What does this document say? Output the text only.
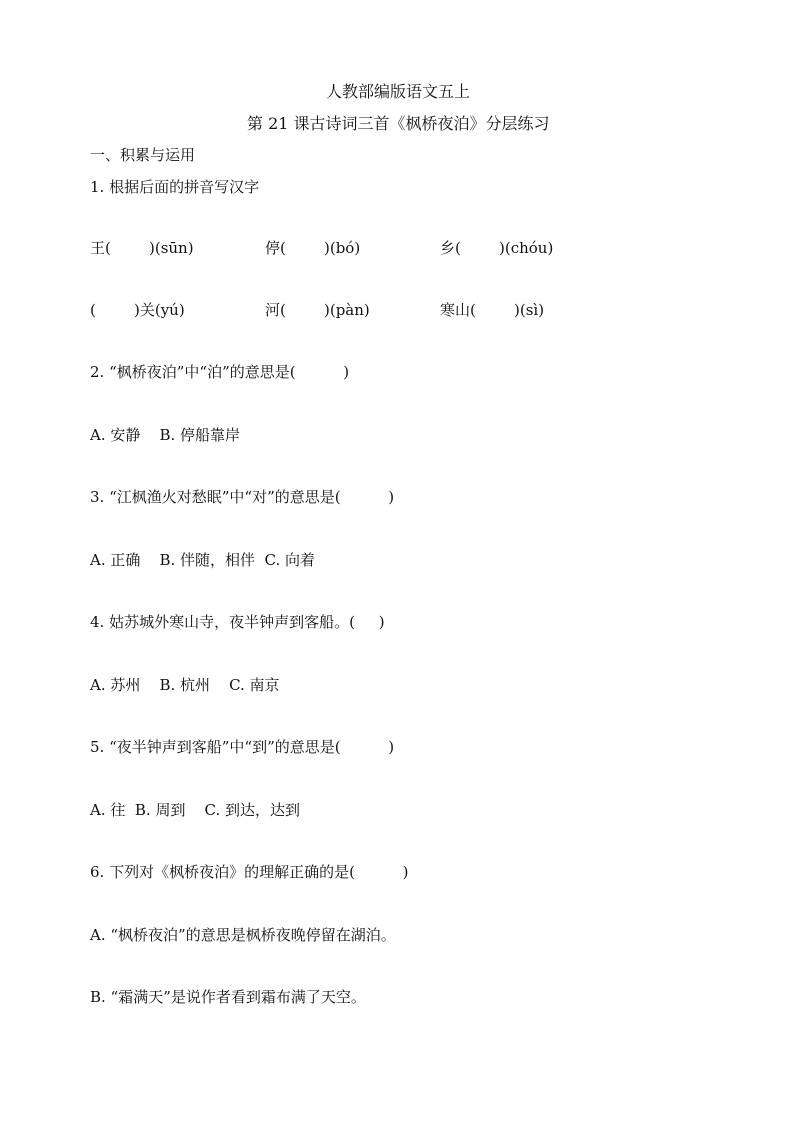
人教部编版语文五上
第 21 课古诗词三首《枫桥夜泊》分层练习
一、积累与运用
1. 根据后面的拼音写汉字
王(        )(sūn)	停(        )(bó)	乡(        )(chóu)
(        )关(yú)	河(        )(pàn)	寒山(        )(sì)
2. “枫桥夜泊”中“泊”的意思是(          )
A. 安静    B. 停船靠岸
3. “江枫渔火对愁眠”中“对”的意思是(          )
A. 正确    B. 伴随，相伴  C. 向着
4. 姑苏城外寒山寺，夜半钟声到客船。(     )
A. 苏州    B. 杭州    C. 南京
5. “夜半钟声到客船”中“到”的意思是(          )
A. 往  B. 周到    C. 到达，达到
6. 下列对《枫桥夜泊》的理解正确的是(          )
A. “枫桥夜泊”的意思是枫桥夜晚停留在湖泊。
B. “霜满天”是说作者看到霜布满了天空。
